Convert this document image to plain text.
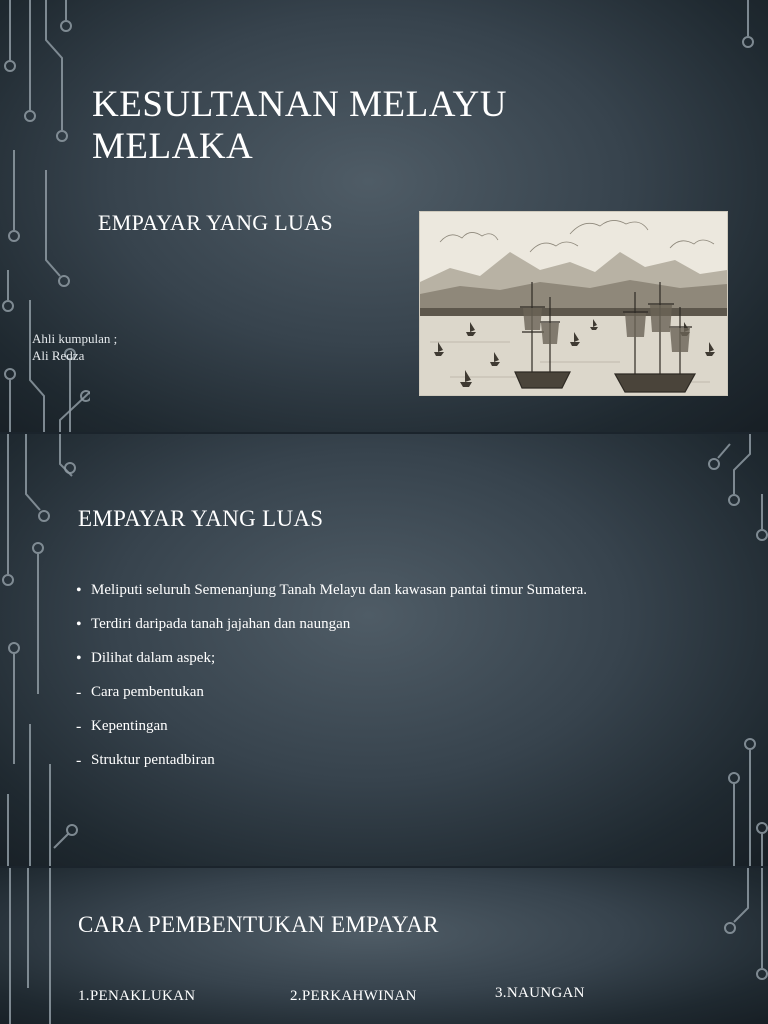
KESULTANAN MELAYU MELAKA
EMPAYAR YANG LUAS
Ahli kumpulan ;
Ali Redza
EMPAYAR YANG LUAS
• Meliputi seluruh Semenanjung Tanah Melayu dan kawasan pantai timur Sumatera.
• Terdiri daripada tanah jajahan dan naungan
• Dilihat dalam aspek;
- Cara pembentukan
- Kepentingan
- Struktur pentadbiran
CARA PEMBENTUKAN EMPAYAR
1.PENAKLUKAN	2.PERKAHWINAN	3.NAUNGAN
